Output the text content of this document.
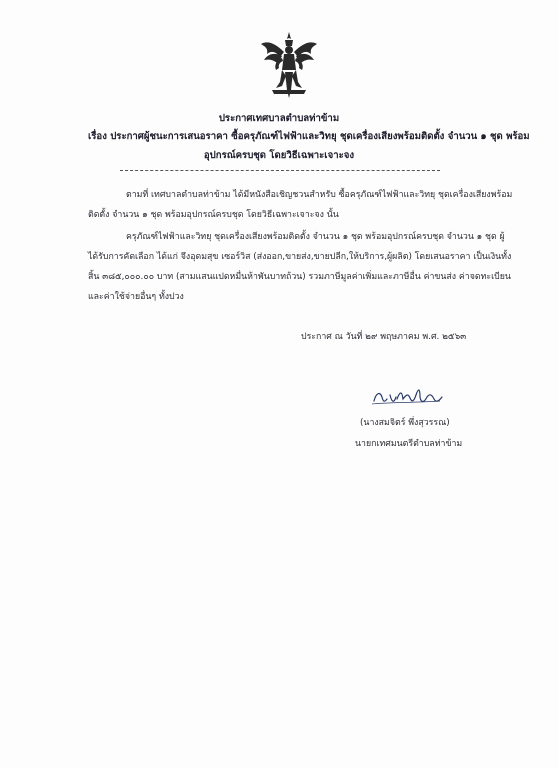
ประกาศเทศบาลตำบลท่าข้าม
เรื่อง ประกาศผู้ชนะการเสนอราคา ซื้อครุภัณฑ์ไฟฟ้าและวิทยุ ชุดเครื่องเสียงพร้อมติดตั้ง จำนวน ๑ ชุด พร้อม
อุปกรณ์ครบชุด โดยวิธีเฉพาะเจาะจง
ตามที่ เทศบาลตำบลท่าข้าม ได้มีหนังสือเชิญชวนสำหรับ ซื้อครุภัณฑ์ไฟฟ้าและวิทยุ ชุดเครื่องเสียงพร้อม
ติดตั้ง จำนวน ๑ ชุด พร้อมอุปกรณ์ครบชุด โดยวิธีเฉพาะเจาะจง นั้น
ครุภัณฑ์ไฟฟ้าและวิทยุ ชุดเครื่องเสียงพร้อมติดตั้ง จำนวน ๑ ชุด พร้อมอุปกรณ์ครบชุด จำนวน ๑ ชุด ผู้
ได้รับการคัดเลือก ได้แก่ จึงอุดมสุข เซอร์วิส (ส่งออก,ขายส่ง,ขายปลีก,ให้บริการ,ผู้ผลิต) โดยเสนอราคา เป็นเงินทั้ง
สิ้น ๓๘๕,๐๐๐.๐๐ บาท (สามแสนแปดหมื่นห้าพันบาทถ้วน) รวมภาษีมูลค่าเพิ่มและภาษีอื่น ค่าขนส่ง ค่าจดทะเบียน
และค่าใช้จ่ายอื่นๆ ทั้งปวง
ประกาศ ณ วันที่ ๒๙ พฤษภาคม พ.ศ. ๒๕๖๓
(นางสมจิตร์ พึ่งสุวรรณ)
นายกเทศมนตรีตำบลท่าข้าม
